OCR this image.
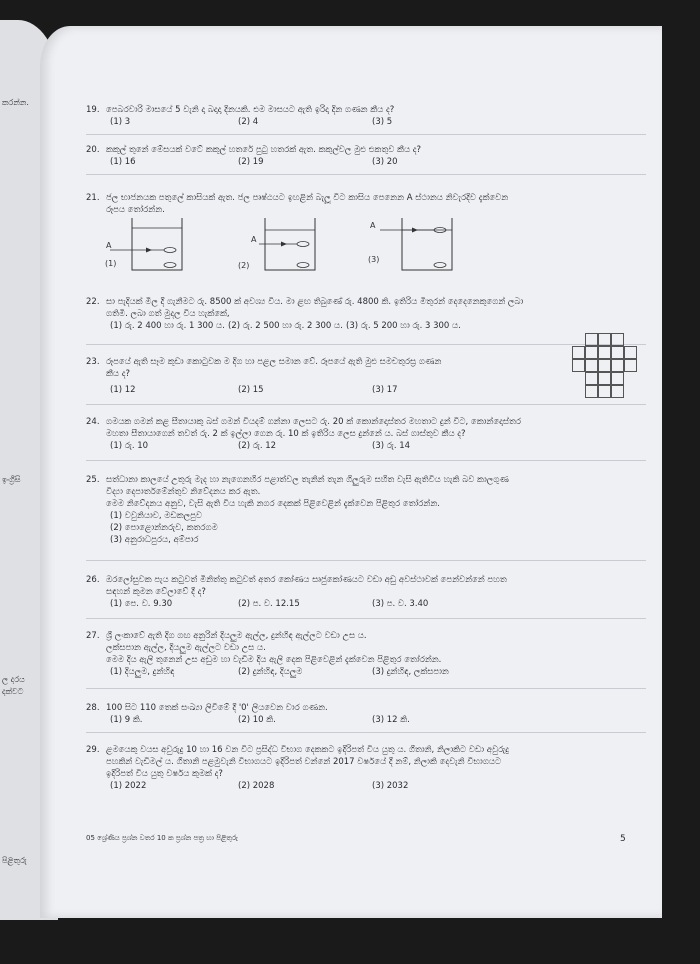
කරන්න.
ඉංග්‍රීසි
ල දරය
දක්වට
පිළිතුරු
19. පෙබරවාරි මාසයේ 5 වැනි දා බදාදා දිනයකි. එම මාසයට ඇති ඉරිදා දින ගණන කීය ද?
(1) 3	(2) 4	(3) 5
20. කකුල් තුනේ මේසයක් වටේ කකුල් හතරේ පුටු හතරක් ඇත. කකුල්වල මුළු එකතුව කීය ද?
(1) 16	(2) 19	(3) 20
21. ජල භාජනයක පතුලේ කාසියක් ඇත. ජල පෘෂ්ඨයට ඉහළින් බැලූ විට කාසිය පෙනෙන A ස්ථානය නිවැරදිව දැක්වෙන
රූපය තෝරන්න.
A
(1)
A
(2)
A
(3)
22. සා පැදියක් මිල දී ගැනීමට රු. 8500 ක් අවශ්‍ය විය. මා ළඟ තිබුණේ රු. 4800 කි. ඉතිරිය මිතුරන් දෙදෙනෙකුගෙන් ලබා
ගතිමි. ලබා ගත් මුදල විය හැක්කේ,
(1) රු. 2 400 හා රු. 1 300 ය. (2) රු. 2 500 හා රු. 2 300 ය. (3) රු. 5 200 හා රු. 3 300 ය.
23. රූපයේ ඇති සෑම කුඩා කොටුවක ම දිග හා පළල සමාන වේ. රූපයේ ඇති මුළු සමචතුරස්‍ර ගණන
කීය ද?
(1) 12	(2) 15	(3) 17
24. ගමයක ගමන් කළ සීතායාකු බස් ගමන් වියදම් ගන්නා ලෙසට රු. 20 ක් කොන්දොස්තර මහතාට දුන් විට, කොන්දොස්තර
මහතා සීතායාගෙන් තවත් රු. 2 ක් ඉල්ලා ගෙන රු. 10 ක් ඉතිරිය ලෙස දුන්නේ ය. බස් ගාස්තුව කීය ද?
(1) රු. 10	(2) රු. 12	(3) රු. 14
25. සත්ධානා කාලයේ උතුරු මැද හා නැගෙනහිර පළාත්වල තැනින් තැන ගිලුරුම සහිත වැසි ඇතිවිය හැකි බව කාලගුණ
විද්‍යා දෙපාර්තමේන්තුව නිවේදනය කර ඇත.
මෙම නිවේදනය අනුව, වැසි ඇති විය හැකි නගර දෙකක් පිළිවෙළින් දැක්වෙන පිළිතුර තෝරන්න.
(1) වවුනියාව, මඩකලපුව
(2) පොළොන්නරුව, කතරගම
(3) අනුරාධපුරය, අම්පාර
26. ඔරලෝසුවක පැය කටුවත් මිනිත්තු කටුවත් අතර කෝණය සෘජුකෝණයට වඩා අඩු අවස්ථාවක් පෙන්වන්නේ පහත
සඳහන් කුමන වේලාවේ දී ද?
(1) පෙ. ව. 9.30	(2) ප. ව. 12.15	(3) ප. ව. 3.40
27. ශ්‍රී ලංකාවේ ඇති දිග ගඟ අනුරින් දියලුම ඇල්ල, දුන්හිඳ ඇල්ලට වඩා උස ය.
ලක්සපාන ඇල්ල, දියලුම ඇල්ලට වඩා උස ය.
මෙම දිය ඇලි තුනෙන් උස අඩුම හා වැඩිම දිය ඇලි දෙක පිළිවෙළින් දැක්වෙන පිළිතුර තෝරන්න.
(1) දියලුම, දුන්හිඳ	(2) දුන්හිඳ, දියලුම	(3) දුන්හිඳ, ලක්සපාන
28. 100 සිට 110 තෙක් සංඛ්‍යා ලිවීමේ දී '0' ලියවෙන වාර ගණන.
(1) 9 කි.	(2) 10 කි.	(3) 12 කි.
29. ළමයෙකු වයස අවුරුදු 10 හා 16 වන විට ප්‍රසිද්ධ විභාග දෙකකට ඉදිරිපත් විය යුතු ය. ගීතානි, නිලාකිට වඩා අවුරුදු
පහකින් වැඩිමල් ය. ගීතානි පළමුවැනි විභාගයට ඉදිරිපත් වන්නේ 2017 වර්ෂයේ දී නම්, නිලාකි දෙවැනි විභාගයට
ඉදිරිපත් විය යුතු වර්ෂය කුමක් ද?
(1) 2022	(2) 2028	(3) 2032
05 ශ්‍රේණිය ප්‍රශ්න වතර 10 ක ප්‍රශ්න පත්‍ර හා පිළිතුරු	5
